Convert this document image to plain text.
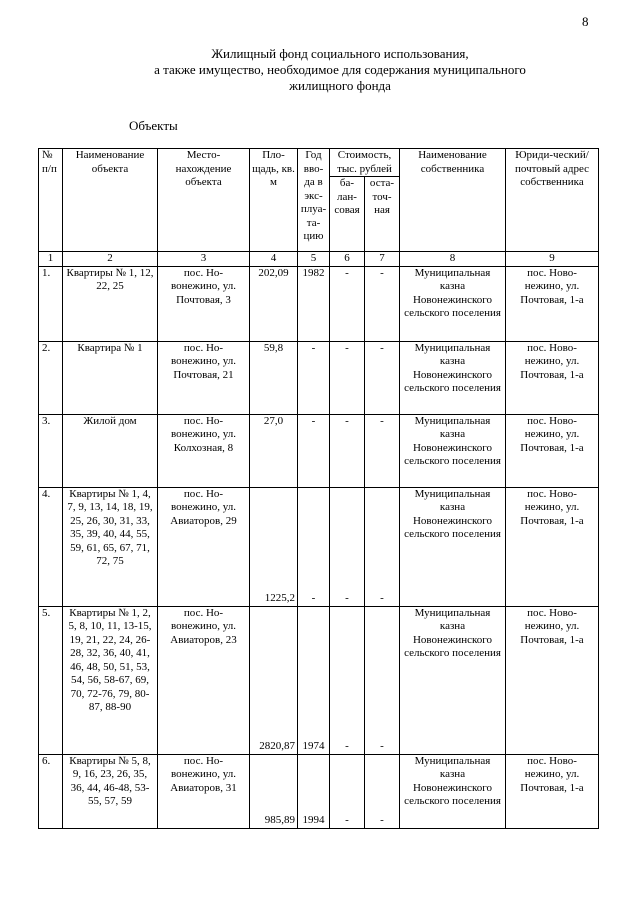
8
Жилищный фонд социального использования,
а также имущество, необходимое для содержания муниципального
жилищного фонда
Объекты
№ п/п	Наименование объекта	Место-нахождение объекта	Пло-щадь, кв. м	Год вво-да в экс-плуа-та-цию	Стоимость, тыс. рублей		Наименование собственника	Юриди-ческий/ почтовый адрес собственника
					ба-лан-совая	оста-точ-ная		
1	2	3	4	5	6	7	8	9
1.	Квартиры № 1, 12, 22, 25	пос. Но-вонежино, ул. Почтовая, 3	202,09	1982	-	-	Муниципальная казна Новонежинского сельского поселения	пос. Ново-нежино, ул. Почтовая, 1-а
2.	Квартира № 1	пос. Но-вонежино, ул. Почтовая, 21	59,8	-	-	-	Муниципальная казна Новонежинского сельского поселения	пос. Ново-нежино, ул. Почтовая, 1-а
3.	Жилой дом	пос. Но-вонежино, ул. Колхозная, 8	27,0	-	-	-	Муниципальная казна Новонежинского сельского поселения	пос. Ново-нежино, ул. Почтовая, 1-а
4.	Квартиры № 1, 4, 7, 9, 13, 14, 18, 19, 25, 26, 30, 31, 33, 35, 39, 40, 44, 55, 59, 61, 65, 67, 71, 72, 75	пос. Но-вонежино, ул. Авиаторов, 29	1225,2	-	-	-	Муниципальная казна Новонежинского сельского поселения	пос. Ново-нежино, ул. Почтовая, 1-а
5.	Квартиры № 1, 2, 5, 8, 10, 11, 13-15, 19, 21, 22, 24, 26-28, 32, 36, 40, 41, 46, 48, 50, 51, 53, 54, 56, 58-67, 69, 70, 72-76, 79, 80-87, 88-90	пос. Но-вонежино, ул. Авиаторов, 23	2820,87	1974	-	-	Муниципальная казна Новонежинского сельского поселения	пос. Ново-нежино, ул. Почтовая, 1-а
6.	Квартиры № 5, 8, 9, 16, 23, 26, 35, 36, 44, 46-48, 53-55, 57, 59	пос. Но-вонежино, ул. Авиаторов, 31	985,89	1994	-	-	Муниципальная казна Новонежинского сельского поселения	пос. Ново-нежино, ул. Почтовая, 1-а
